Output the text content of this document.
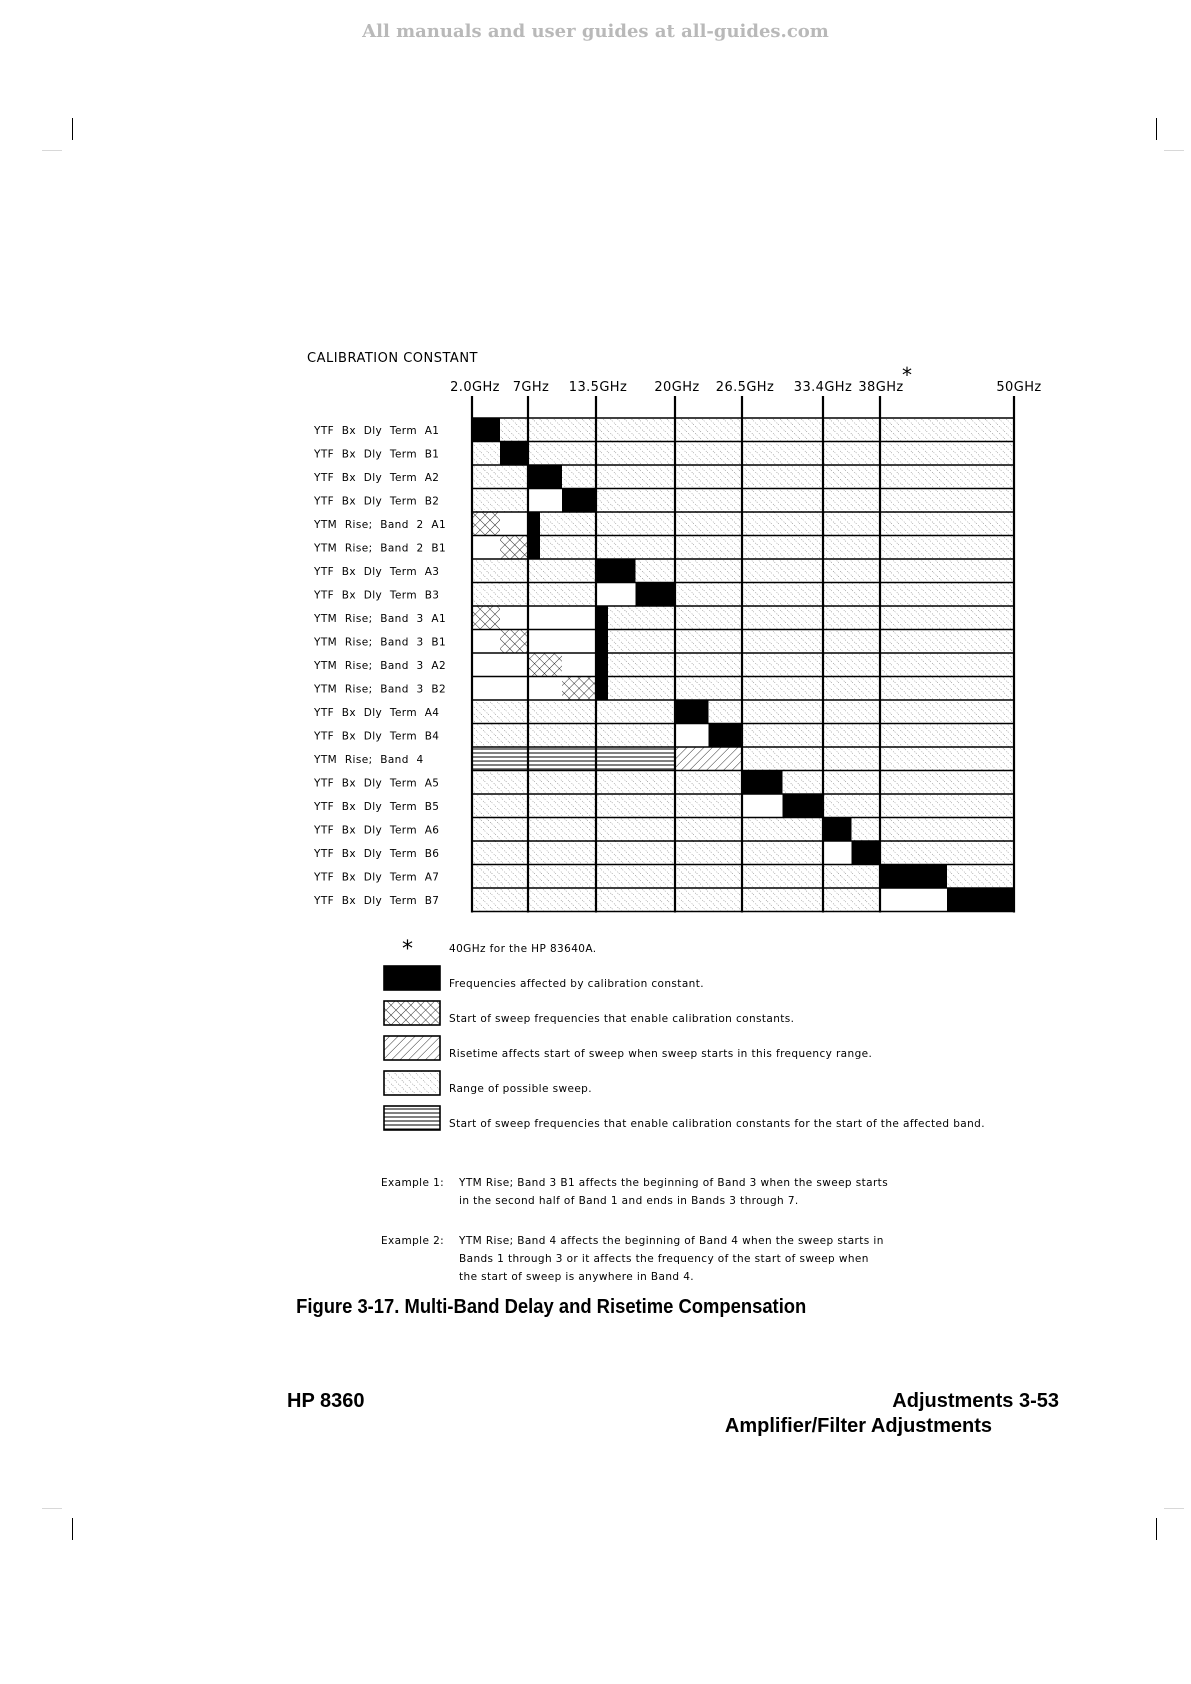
All manuals and user guides at all-guides.com
CALIBRATION CONSTANT
2.0GHz 7GHz 13.5GHz 20GHz 26.5GHz 33.4GHz 38GHz	50GHz
*
YTF Bx Dly Term A1
YTF Bx Dly Term B1
YTF Bx Dly Term A2
YTF Bx Dly Term B2
YTM Rise; Band 2 A1
YTM Rise; Band 2 B1
YTF Bx Dly Term A3
YTF Bx Dly Term B3
YTM Rise; Band 3 A1
YTM Rise; Band 3 B1
YTM Rise; Band 3 A2
YTM Rise; Band 3 B2
YTF Bx Dly Term A4
YTF Bx Dly Term B4
YTM Rise; Band 4
YTF Bx Dly Term A5
YTF Bx Dly Term B5
YTF Bx Dly Term A6
YTF Bx Dly Term B6
YTF Bx Dly Term A7
YTF Bx Dly Term B7
*	40GHz for the HP 83640A.
Frequencies affected by calibration constant.
Start of sweep frequencies that enable calibration constants.
Risetime affects start of sweep when sweep starts in this frequency range.
Range of possible sweep.
Start of sweep frequencies that enable calibration constants for the start of the affected band.
Example 1: YTM Rise; Band 3 B1 affects the beginning of Band 3 when the sweep starts
in the second half of Band 1 and ends in Bands 3 through 7.
Example 2: YTM Rise; Band 4 affects the beginning of Band 4 when the sweep starts in
Bands 1 through 3 or it affects the frequency of the start of sweep when
the start of sweep is anywhere in Band 4.
Figure 3-17. Multi-Band Delay and Risetime Compensation
HP 8360	Adjustments 3-53
Amplifier/Filter Adjustments
